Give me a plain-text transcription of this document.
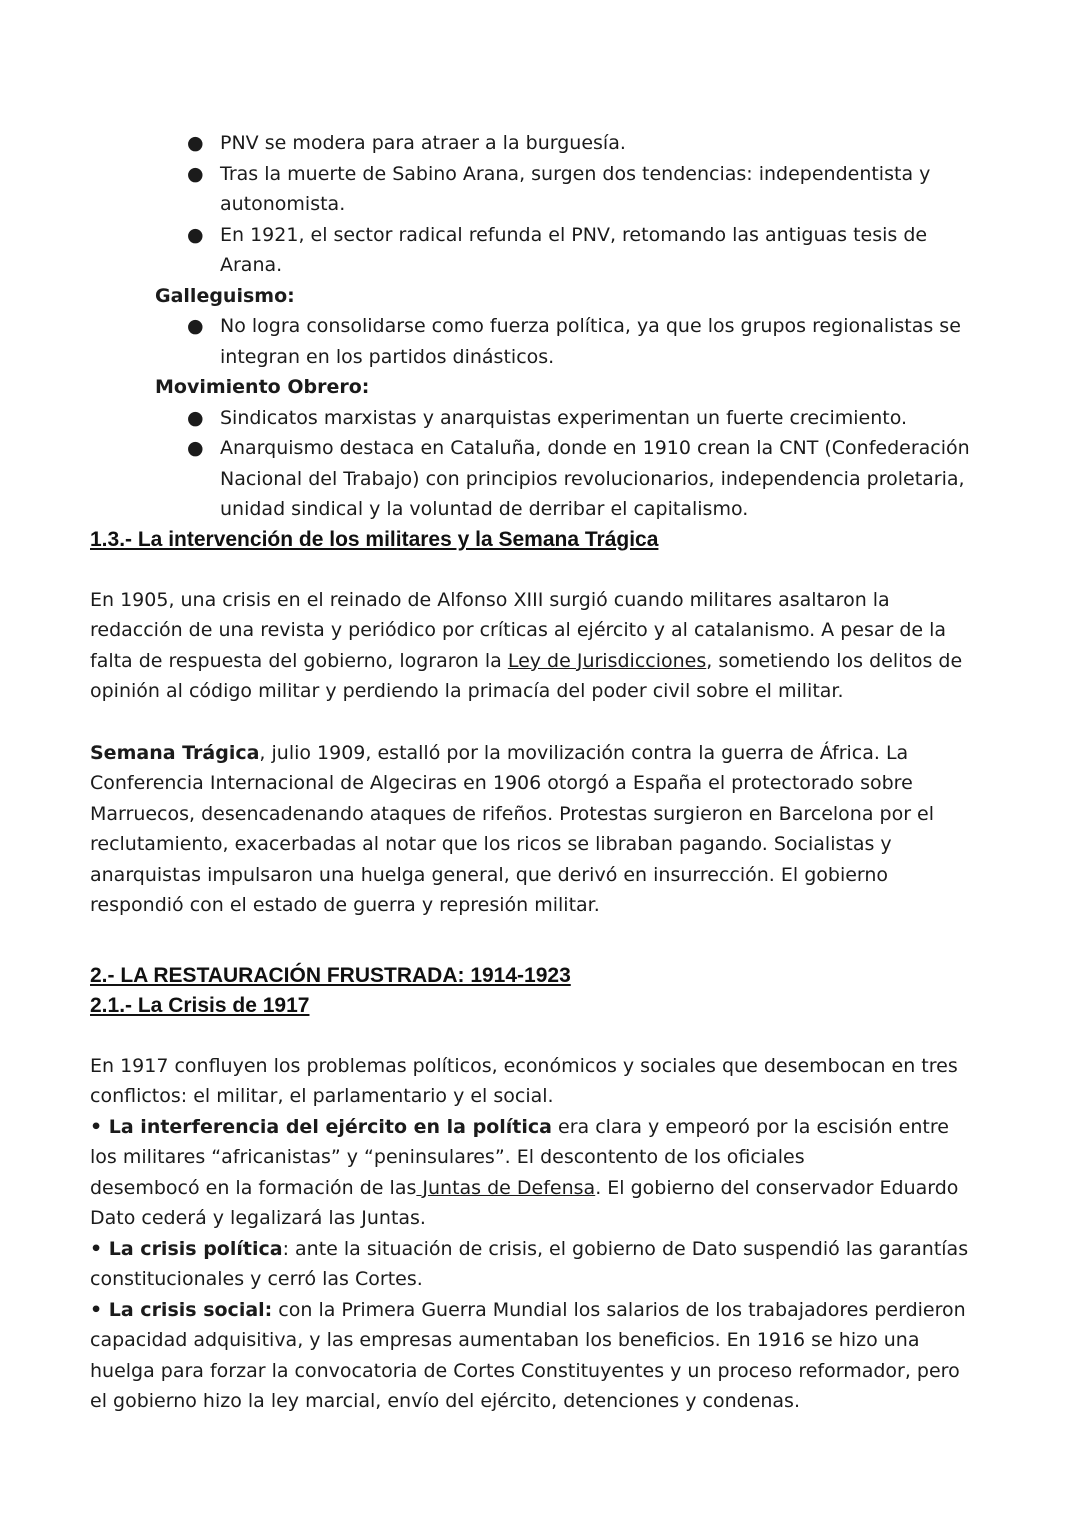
● PNV se modera para atraer a la burguesía.
● Tras la muerte de Sabino Arana, surgen dos tendencias: independentista y autonomista.
● En 1921, el sector radical refunda el PNV, retomando las antiguas tesis de Arana.
Galleguismo:
● No logra consolidarse como fuerza política, ya que los grupos regionalistas se integran en los partidos dinásticos.
Movimiento Obrero:
● Sindicatos marxistas y anarquistas experimentan un fuerte crecimiento.
● Anarquismo destaca en Cataluña, donde en 1910 crean la CNT (Confederación Nacional del Trabajo) con principios revolucionarios, independencia proletaria, unidad sindical y la voluntad de derribar el capitalismo.
1.3.- La intervención de los militares y la Semana Trágica
En 1905, una crisis en el reinado de Alfonso XIII surgió cuando militares asaltaron la redacción de una revista y periódico por críticas al ejército y al catalanismo. A pesar de la falta de respuesta del gobierno, lograron la Ley de Jurisdicciones, sometiendo los delitos de opinión al código militar y perdiendo la primacía del poder civil sobre el militar.
Semana Trágica, julio 1909, estalló por la movilización contra la guerra de África. La Conferencia Internacional de Algeciras en 1906 otorgó a España el protectorado sobre Marruecos, desencadenando ataques de rifeños. Protestas surgieron en Barcelona por el reclutamiento, exacerbadas al notar que los ricos se libraban pagando. Socialistas y anarquistas impulsaron una huelga general, que derivó en insurrección. El gobierno respondió con el estado de guerra y represión militar.
2.- LA RESTAURACIÓN FRUSTRADA: 1914-1923
2.1.- La Crisis de 1917
En 1917 confluyen los problemas políticos, económicos y sociales que desembocan en tres conflictos: el militar, el parlamentario y el social.
• La interferencia del ejército en la política era clara y empeoró por la escisión entre los militares “africanistas” y “peninsulares”. El descontento de los oficiales
desembocó en la formación de las Juntas de Defensa. El gobierno del conservador Eduardo Dato cederá y legalizará las Juntas.
• La crisis política: ante la situación de crisis, el gobierno de Dato suspendió las garantías constitucionales y cerró las Cortes.
• La crisis social: con la Primera Guerra Mundial los salarios de los trabajadores perdieron capacidad adquisitiva, y las empresas aumentaban los beneficios. En 1916 se hizo una huelga para forzar la convocatoria de Cortes Constituyentes y un proceso reformador, pero el gobierno hizo la ley marcial, envío del ejército, detenciones y condenas.
